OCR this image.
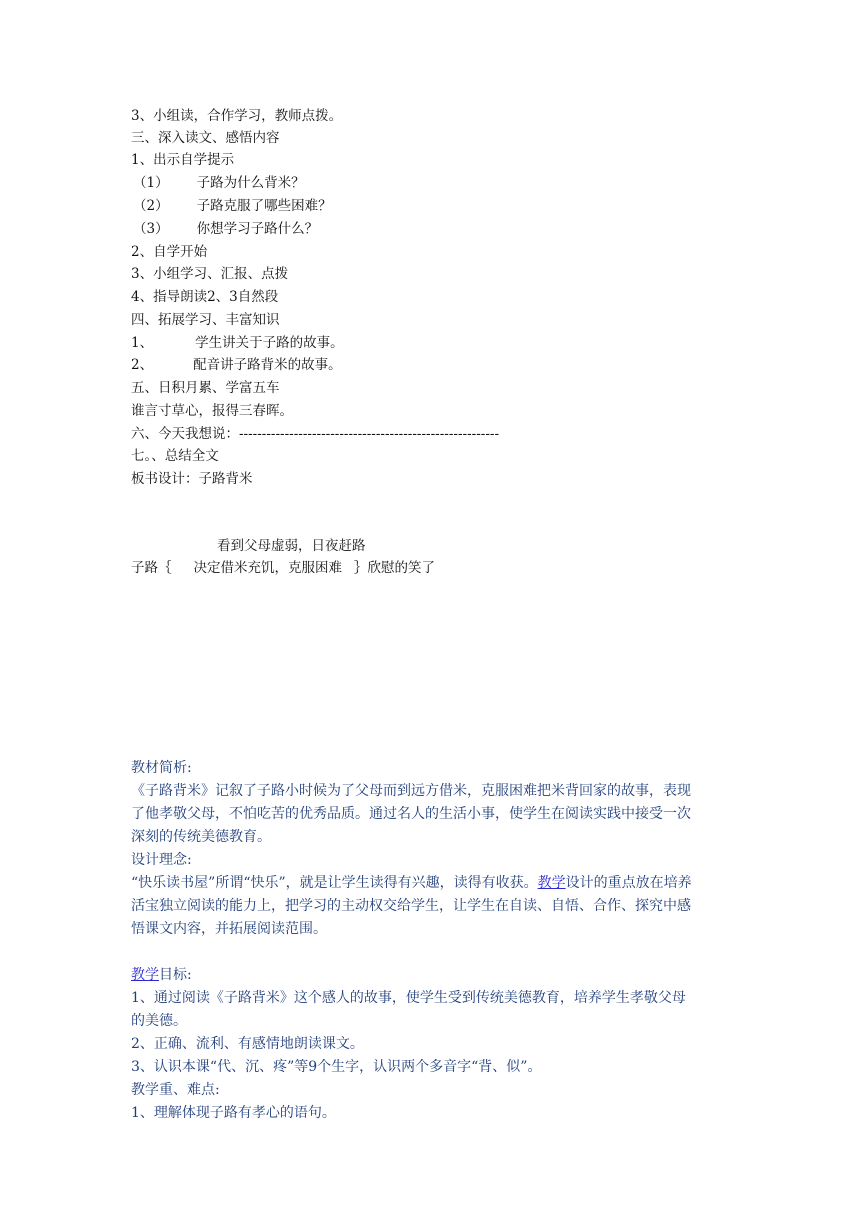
3、小组读，合作学习，教师点拨。
三、深入读文、感悟内容
1、出示自学提示
（1） 子路为什么背米？
（2） 子路克服了哪些困难？
（3） 你想学习子路什么？
2、自学开始
3、小组学习、汇报、点拨
4、指导朗读2、3自然段
四、拓展学习、丰富知识
1、	学生讲关于子路的故事。
2、	配音讲子路背米的故事。
五、日积月累、学富五车
谁言寸草心，报得三春晖。
六、今天我想说：---------------------------------------------------------
七。、总结全文
板书设计：子路背米
看到父母虚弱，日夜赶路
子路｛ 决定借米充饥，克服困难 ｝欣慰的笑了
教材简析:
《子路背米》记叙了子路小时候为了父母而到远方借米，克服困难把米背回家的故事，表现
了他孝敬父母，不怕吃苦的优秀品质。通过名人的生活小事，使学生在阅读实践中接受一次
深刻的传统美德教育。
设计理念:
“快乐读书屋”所谓“快乐”，就是让学生读得有兴趣，读得有收获。教学设计的重点放在培养
活宝独立阅读的能力上，把学习的主动权交给学生，让学生在自读、自悟、合作、探究中感
悟课文内容，并拓展阅读范围。
教学目标:
1、通过阅读《子路背米》这个感人的故事，使学生受到传统美德教育，培养学生孝敬父母
的美德。
2、正确、流利、有感情地朗读课文。
3、认识本课“代、沉、疼”等9个生字，认识两个多音字“背、似”。
教学重、难点:
1、理解体现子路有孝心的语句。
